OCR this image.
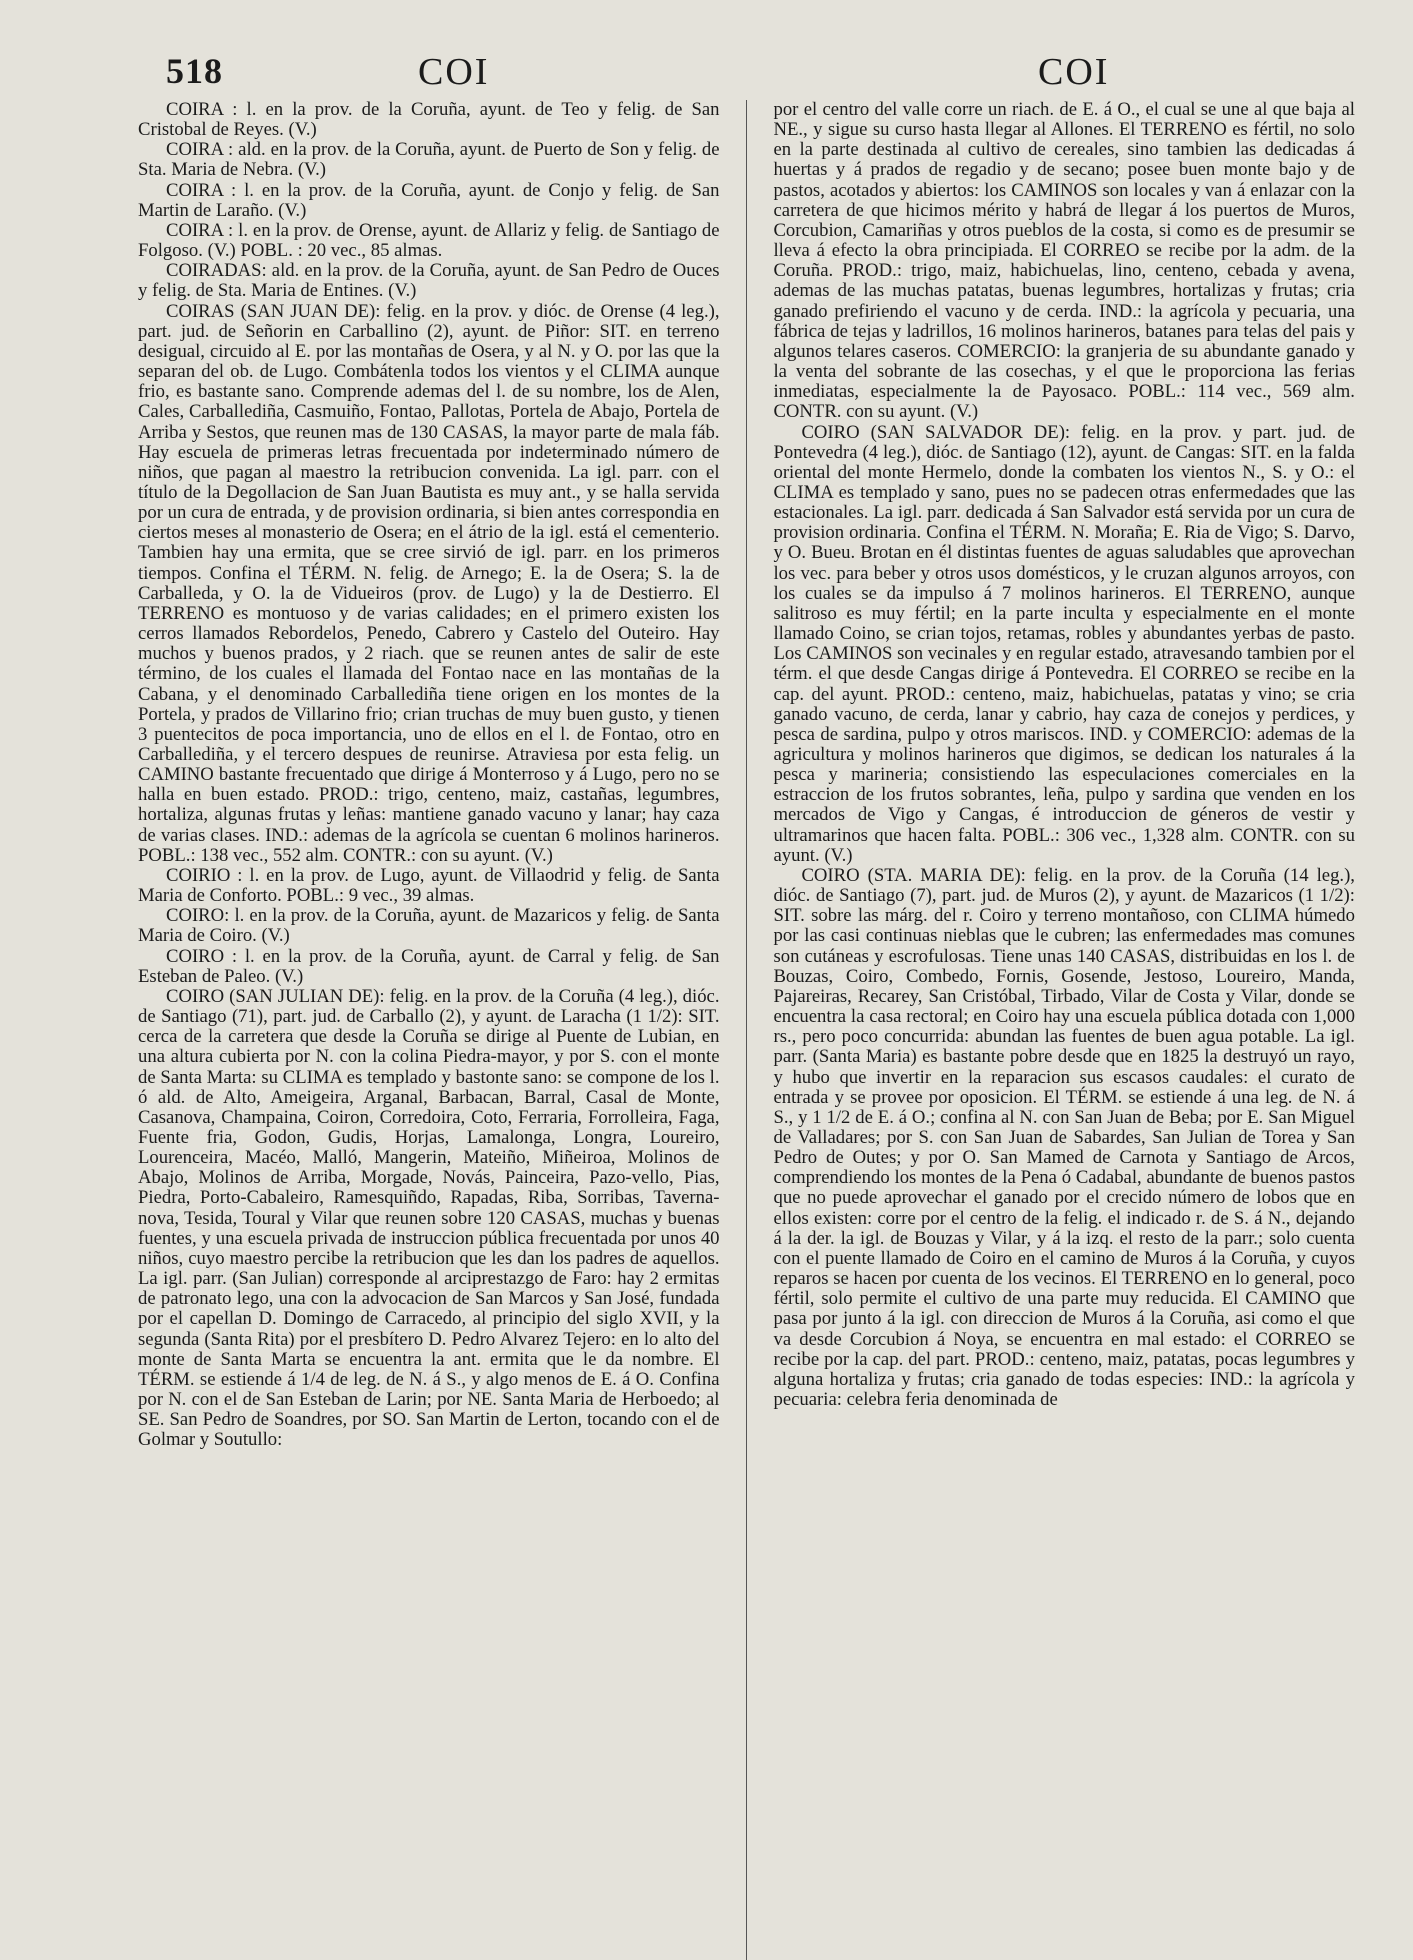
518	COI	COI

COIRA : l. en la prov. de la Coruña, ayunt. de Teo y felig. de San Cristobal de Reyes. (V.)

COIRA : ald. en la prov. de la Coruña, ayunt. de Puerto de Son y felig. de Sta. Maria de Nebra. (V.)

COIRA : l. en la prov. de la Coruña, ayunt. de Conjo y felig. de San Martin de Laraño. (V.)

COIRA : l. en la prov. de Orense, ayunt. de Allariz y felig. de Santiago de Folgoso. (V.) POBL. : 20 vec., 85 almas.

COIRADAS: ald. en la prov. de la Coruña, ayunt. de San Pedro de Ouces y felig. de Sta. Maria de Entines. (V.)

COIRAS (SAN JUAN DE): felig. en la prov. y dióc. de Orense (4 leg.), part. jud. de Señorin en Carballino (2), ayunt. de Piñor: SIT. en terreno desigual, circuido al E. por las montañas de Osera, y al N. y O. por las que la separan del ob. de Lugo. Combátenla todos los vientos y el CLIMA aunque frio, es bastante sano. Comprende ademas del l. de su nombre, los de Alen, Cales, Carballediña, Casmuiño, Fontao, Pallotas, Portela de Abajo, Portela de Arriba y Sestos, que reunen mas de 130 CASAS, la mayor parte de mala fáb. Hay escuela de primeras letras frecuentada por indeterminado número de niños, que pagan al maestro la retribucion convenida. La igl. parr. con el título de la Degollacion de San Juan Bautista es muy ant., y se halla servida por un cura de entrada, y de provision ordinaria, si bien antes correspondia en ciertos meses al monasterio de Osera; en el átrio de la igl. está el cementerio. Tambien hay una ermita, que se cree sirvió de igl. parr. en los primeros tiempos. Confina el TÉRM. N. felig. de Arnego; E. la de Osera; S. la de Carballeda, y O. la de Vidueiros (prov. de Lugo) y la de Destierro. El TERRENO es montuoso y de varias calidades; en el primero existen los cerros llamados Rebordelos, Penedo, Cabrero y Castelo del Outeiro. Hay muchos y buenos prados, y 2 riach. que se reunen antes de salir de este término, de los cuales el llamada del Fontao nace en las montañas de la Cabana, y el denominado Carballediña tiene origen en los montes de la Portela, y prados de Villarino frio; crian truchas de muy buen gusto, y tienen 3 puentecitos de poca importancia, uno de ellos en el l. de Fontao, otro en Carballediña, y el tercero despues de reunirse. Atraviesa por esta felig. un CAMINO bastante frecuentado que dirige á Monterroso y á Lugo, pero no se halla en buen estado. PROD.: trigo, centeno, maiz, castañas, legumbres, hortaliza, algunas frutas y leñas: mantiene ganado vacuno y lanar; hay caza de varias clases. IND.: ademas de la agrícola se cuentan 6 molinos harineros. POBL.: 138 vec., 552 alm. CONTR.: con su ayunt. (V.)

COIRIO : l. en la prov. de Lugo, ayunt. de Villaodrid y felig. de Santa Maria de Conforto. POBL.: 9 vec., 39 almas.

COIRO: l. en la prov. de la Coruña, ayunt. de Mazaricos y felig. de Santa Maria de Coiro. (V.)

COIRO : l. en la prov. de la Coruña, ayunt. de Carral y felig. de San Esteban de Paleo. (V.)

COIRO (SAN JULIAN DE): felig. en la prov. de la Coruña (4 leg.), dióc. de Santiago (71), part. jud. de Carballo (2), y ayunt. de Laracha (1 1/2): SIT. cerca de la carretera que desde la Coruña se dirige al Puente de Lubian, en una altura cubierta por N. con la colina Piedra-mayor, y por S. con el monte de Santa Marta: su CLIMA es templado y bastonte sano: se compone de los l. ó ald. de Alto, Ameigeira, Arganal, Barbacan, Barral, Casal de Monte, Casanova, Champaina, Coiron, Corredoira, Coto, Ferraria, Forrolleira, Faga, Fuente fria, Godon, Gudis, Horjas, Lamalonga, Longra, Loureiro, Lourenceira, Macéo, Malló, Mangerin, Mateiño, Miñeiroa, Molinos de Abajo, Molinos de Arriba, Morgade, Novás, Painceira, Pazo-vello, Pias, Piedra, Porto-Cabaleiro, Ramesquiñdo, Rapadas, Riba, Sorribas, Taverna-nova, Tesida, Toural y Vilar que reunen sobre 120 CASAS, muchas y buenas fuentes, y una escuela privada de instruccion pública frecuentada por unos 40 niños, cuyo maestro percibe la retribucion que les dan los padres de aquellos. La igl. parr. (San Julian) corresponde al arciprestazgo de Faro: hay 2 ermitas de patronato lego, una con la advocacion de San Marcos y San José, fundada por el capellan D. Domingo de Carracedo, al principio del siglo XVII, y la segunda (Santa Rita) por el presbítero D. Pedro Alvarez Tejero: en lo alto del monte de Santa Marta se encuentra la ant. ermita que le da nombre. El TÉRM. se estiende á 1/4 de leg. de N. á S., y algo menos de E. á O. Confina por N. con el de San Esteban de Larin; por NE. Santa Maria de Herboedo; al SE. San Pedro de Soandres, por SO. San Martin de Lerton, tocando con el de Golmar y Soutullo:

por el centro del valle corre un riach. de E. á O., el cual se une al que baja al NE., y sigue su curso hasta llegar al Allones. El TERRENO es fértil, no solo en la parte destinada al cultivo de cereales, sino tambien las dedicadas á huertas y á prados de regadio y de secano; posee buen monte bajo y de pastos, acotados y abiertos: los CAMINOS son locales y van á enlazar con la carretera de que hicimos mérito y habrá de llegar á los puertos de Muros, Corcubion, Camariñas y otros pueblos de la costa, si como es de presumir se lleva á efecto la obra principiada. El CORREO se recibe por la adm. de la Coruña. PROD.: trigo, maiz, habichuelas, lino, centeno, cebada y avena, ademas de las muchas patatas, buenas legumbres, hortalizas y frutas; cria ganado prefiriendo el vacuno y de cerda. IND.: la agrícola y pecuaria, una fábrica de tejas y ladrillos, 16 molinos harineros, batanes para telas del pais y algunos telares caseros. COMERCIO: la granjeria de su abundante ganado y la venta del sobrante de las cosechas, y el que le proporciona las ferias inmediatas, especialmente la de Payosaco. POBL.: 114 vec., 569 alm. CONTR. con su ayunt. (V.)

COIRO (SAN SALVADOR DE): felig. en la prov. y part. jud. de Pontevedra (4 leg.), dióc. de Santiago (12), ayunt. de Cangas: SIT. en la falda oriental del monte Hermelo, donde la combaten los vientos N., S. y O.: el CLIMA es templado y sano, pues no se padecen otras enfermedades que las estacionales. La igl. parr. dedicada á San Salvador está servida por un cura de provision ordinaria. Confina el TÉRM. N. Moraña; E. Ria de Vigo; S. Darvo, y O. Bueu. Brotan en él distintas fuentes de aguas saludables que aprovechan los vec. para beber y otros usos domésticos, y le cruzan algunos arroyos, con los cuales se da impulso á 7 molinos harineros. El TERRENO, aunque salitroso es muy fértil; en la parte inculta y especialmente en el monte llamado Coino, se crian tojos, retamas, robles y abundantes yerbas de pasto. Los CAMINOS son vecinales y en regular estado, atravesando tambien por el térm. el que desde Cangas dirige á Pontevedra. El CORREO se recibe en la cap. del ayunt. PROD.: centeno, maiz, habichuelas, patatas y vino; se cria ganado vacuno, de cerda, lanar y cabrio, hay caza de conejos y perdices, y pesca de sardina, pulpo y otros mariscos. IND. y COMERCIO: ademas de la agricultura y molinos harineros que digimos, se dedican los naturales á la pesca y marineria; consistiendo las especulaciones comerciales en la estraccion de los frutos sobrantes, leña, pulpo y sardina que venden en los mercados de Vigo y Cangas, é introduccion de géneros de vestir y ultramarinos que hacen falta. POBL.: 306 vec., 1,328 alm. CONTR. con su ayunt. (V.)

COIRO (STA. MARIA DE): felig. en la prov. de la Coruña (14 leg.), dióc. de Santiago (7), part. jud. de Muros (2), y ayunt. de Mazaricos (1 1/2): SIT. sobre las márg. del r. Coiro y terreno montañoso, con CLIMA húmedo por las casi continuas nieblas que le cubren; las enfermedades mas comunes son cutáneas y escrofulosas. Tiene unas 140 CASAS, distribuidas en los l. de Bouzas, Coiro, Combedo, Fornis, Gosende, Jestoso, Loureiro, Manda, Pajareiras, Recarey, San Cristóbal, Tirbado, Vilar de Costa y Vilar, donde se encuentra la casa rectoral; en Coiro hay una escuela pública dotada con 1,000 rs., pero poco concurrida: abundan las fuentes de buen agua potable. La igl. parr. (Santa Maria) es bastante pobre desde que en 1825 la destruyó un rayo, y hubo que invertir en la reparacion sus escasos caudales: el curato de entrada y se provee por oposicion. El TÉRM. se estiende á una leg. de N. á S., y 1 1/2 de E. á O.; confina al N. con San Juan de Beba; por E. San Miguel de Valladares; por S. con San Juan de Sabardes, San Julian de Torea y San Pedro de Outes; y por O. San Mamed de Carnota y Santiago de Arcos, comprendiendo los montes de la Pena ó Cadabal, abundante de buenos pastos que no puede aprovechar el ganado por el crecido número de lobos que en ellos existen: corre por el centro de la felig. el indicado r. de S. á N., dejando á la der. la igl. de Bouzas y Vilar, y á la izq. el resto de la parr.; solo cuenta con el puente llamado de Coiro en el camino de Muros á la Coruña, y cuyos reparos se hacen por cuenta de los vecinos. El TERRENO en lo general, poco fértil, solo permite el cultivo de una parte muy reducida. El CAMINO que pasa por junto á la igl. con direccion de Muros á la Coruña, asi como el que va desde Corcubion á Noya, se encuentra en mal estado: el CORREO se recibe por la cap. del part. PROD.: centeno, maiz, patatas, pocas legumbres y alguna hortaliza y frutas; cria ganado de todas especies: IND.: la agrícola y pecuaria: celebra feria denominada de
